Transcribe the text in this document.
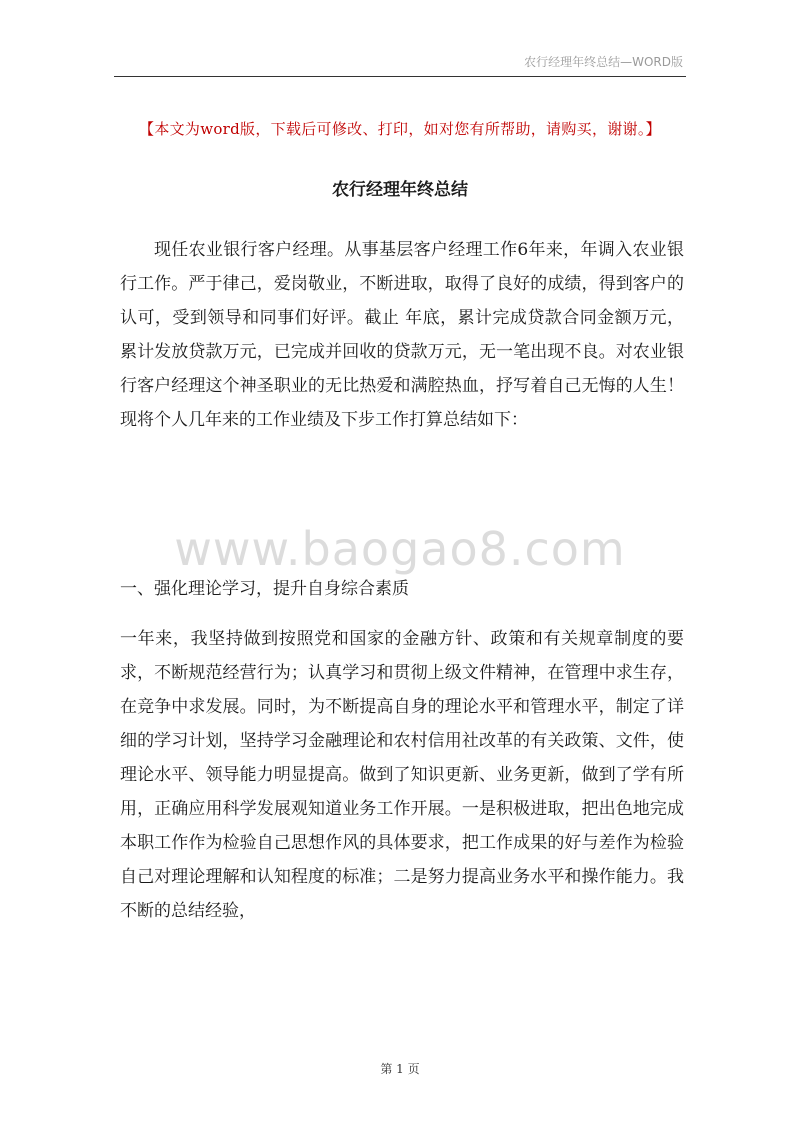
农行经理年终总结—WORD版
【本文为word版，下载后可修改、打印，如对您有所帮助，请购买，谢谢。】
农行经理年终总结

现任农业银行客户经理。从事基层客户经理工作6年来，年调入农业银行工作。严于律己，爱岗敬业，不断进取，取得了良好的成绩，得到客户的认可，受到领导和同事们好评。截止 年底，累计完成贷款合同金额万元，累计发放贷款万元，已完成并回收的贷款万元，无一笔出现不良。对农业银行客户经理这个神圣职业的无比热爱和满腔热血，抒写着自己无悔的人生！现将个人几年来的工作业绩及下步工作打算总结如下：

www.baogao8.com

一、强化理论学习，提升自身综合素质

一年来，我坚持做到按照党和国家的金融方针、政策和有关规章制度的要求，不断规范经营行为；认真学习和贯彻上级文件精神，在管理中求生存，在竞争中求发展。同时，为不断提高自身的理论水平和管理水平，制定了详细的学习计划，坚持学习金融理论和农村信用社改革的有关政策、文件，使理论水平、领导能力明显提高。做到了知识更新、业务更新，做到了学有所用，正确应用科学发展观知道业务工作开展。一是积极进取，把出色地完成本职工作作为检验自己思想作风的具体要求，把工作成果的好与差作为检验自己对理论理解和认知程度的标准；二是努力提高业务水平和操作能力。我不断的总结经验，

第 1 页
